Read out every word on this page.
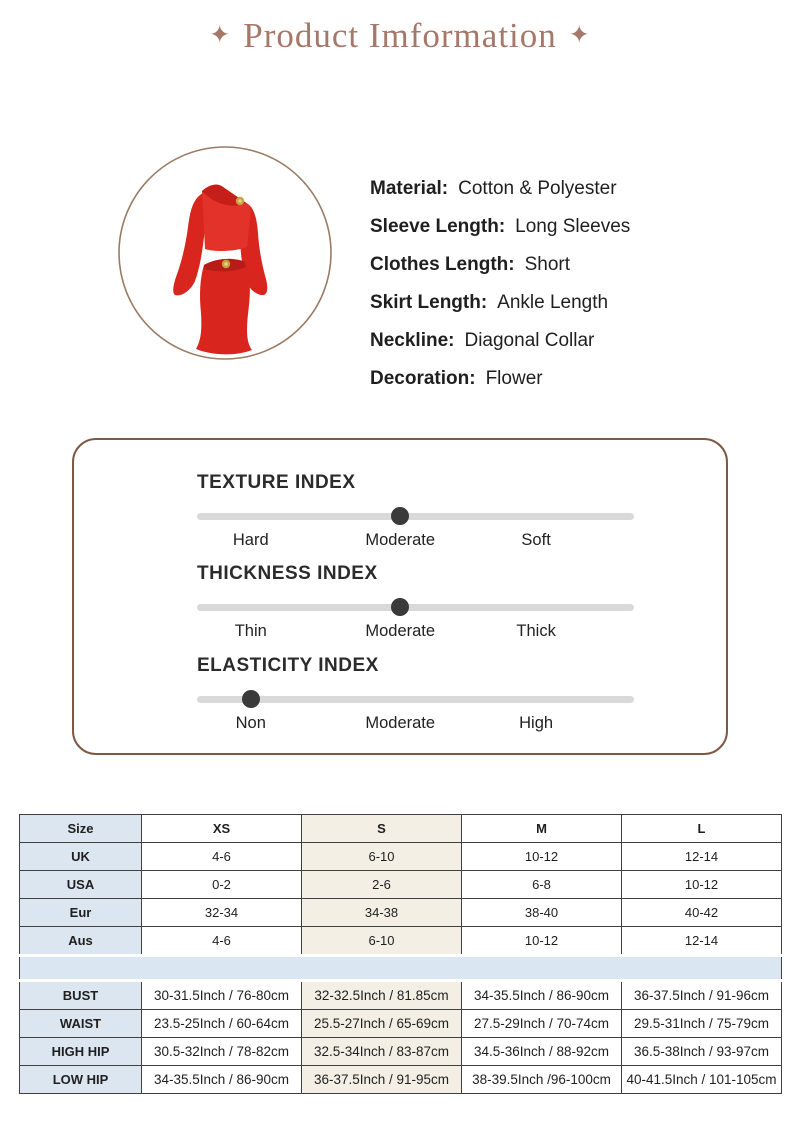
✦ Product Imformation ✦
Material: Cotton & Polyester
Sleeve Length: Long Sleeves
Clothes Length: Short
Skirt Length: Ankle Length
Neckline: Diagonal Collar
Decoration: Flower
TEXTURE INDEX
Hard	Moderate	Soft
THICKNESS INDEX
Thin	Moderate	Thick
ELASTICITY INDEX
Non	Moderate	High
Size	XS	S	M	L
UK	4-6	6-10	10-12	12-14
USA	0-2	2-6	6-8	10-12
Eur	32-34	34-38	38-40	40-42
Aus	4-6	6-10	10-12	12-14

BUST	30-31.5Inch / 76-80cm	32-32.5Inch / 81.85cm	34-35.5Inch / 86-90cm	36-37.5Inch / 91-96cm
WAIST	23.5-25Inch / 60-64cm	25.5-27Inch / 65-69cm	27.5-29Inch / 70-74cm	29.5-31Inch / 75-79cm
HIGH HIP	30.5-32Inch / 78-82cm	32.5-34Inch / 83-87cm	34.5-36Inch / 88-92cm	36.5-38Inch / 93-97cm
LOW HIP	34-35.5Inch / 86-90cm	36-37.5Inch / 91-95cm	38-39.5Inch /96-100cm	40-41.5Inch / 101-105cm
